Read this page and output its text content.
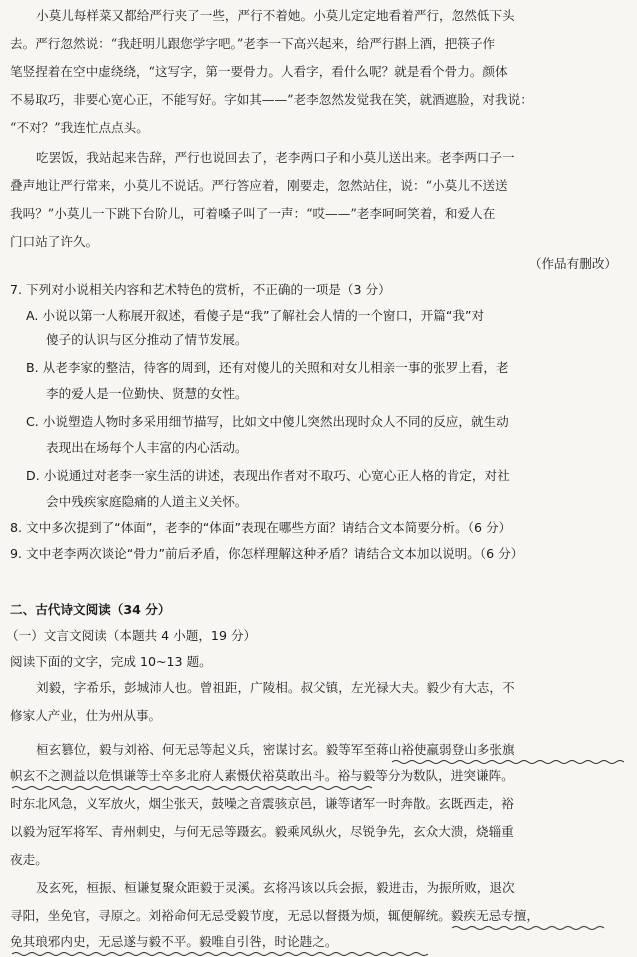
小莫儿每样菜又都给严行夹了一些，严行不着她。小莫儿定定地看着严行，忽然低下头
去。严行忽然说：“我赶明儿跟您学字吧。”老李一下高兴起来，给严行斟上酒，把筷子作
笔竖捏着在空中虚绕绕，“这写字，第一要骨力。人看字，看什么呢？就是看个骨力。颜体
不易取巧，非要心宽心正，不能写好。字如其——”老李忽然发觉我在笑，就酒遮脸，对我说：
“不对？”我连忙点点头。
吃罢饭，我站起来告辞，严行也说回去了，老李两口子和小莫儿送出来。老李两口子一
叠声地让严行常来，小莫儿不说话。严行答应着，刚要走，忽然站住，说：“小莫儿不送送
我吗？”小莫儿一下跳下台阶儿，可着嗓子叫了一声：“哎——”老李呵呵笑着，和爱人在
门口站了许久。
（作品有删改）
7. 下列对小说相关内容和艺术特色的赏析，不正确的一项是（3 分）
A. 小说以第一人称展开叙述，看傻子是“我”了解社会人情的一个窗口，开篇“我”对
傻子的认识与区分推动了情节发展。
B. 从老李家的整洁，待客的周到，还有对傻儿的关照和对女儿相亲一事的张罗上看，老
李的爱人是一位勤快、贤慧的女性。
C. 小说塑造人物时多采用细节描写，比如文中傻儿突然出现时众人不同的反应，就生动
表现出在场每个人丰富的内心活动。
D. 小说通过对老李一家生活的讲述，表现出作者对不取巧、心宽心正人格的肯定，对社
会中残疾家庭隐痛的人道主义关怀。
8. 文中多次提到了“体面”，老李的“体面”表现在哪些方面？请结合文本简要分析。（6 分）
9. 文中老李两次谈论“骨力”前后矛盾，你怎样理解这种矛盾？请结合文本加以说明。（6 分）
二、古代诗文阅读（34 分）
（一）文言文阅读（本题共 4 小题，19 分）
阅读下面的文字，完成 10~13 题。
刘毅，字希乐，彭城沛人也。曾祖距，广陵相。叔父镇，左光禄大夫。毅少有大志，不
修家人产业，仕为州从事。
桓玄篡位，毅与刘裕、何无忌等起义兵，密谋讨玄。毅等军至蒋山裕使羸弱登山多张旗
帜玄不之测益以危惧谦等士卒多北府人素慑伏裕莫敢出斗。裕与毅等分为数队，进突谦阵。
时东北风急，义军放火，烟尘张天，鼓噪之音震骇京邑，谦等诸军一时奔散。玄既西走，裕
以毅为冠军将军、青州刺史，与何无忌等蹑玄。毅乘风纵火，尽锐争先，玄众大溃，烧辎重
夜走。
及玄死，桓振、桓谦复聚众距毅于灵溪。玄将冯该以兵会振，毅进击，为振所败，退次
寻阳，坐免官，寻原之。刘裕命何无忌受毅节度，无忌以督摄为烦，辄便解统。毅疾无忌专擅，
免其琅邪内史，无忌遂与毅不平。毅唯自引咎，时论韪之。
